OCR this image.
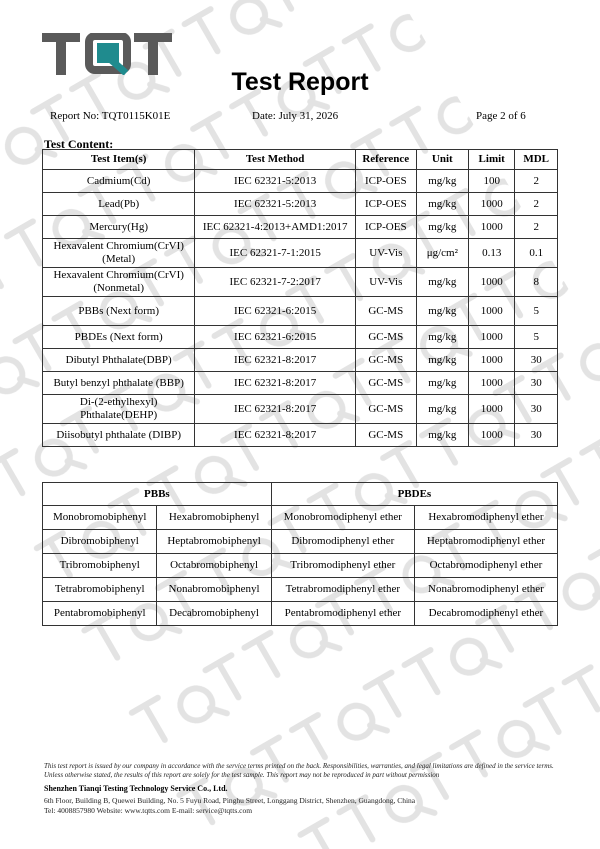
Test Report
Report No: TQT0115K01E	Date: July 31, 2026	Page 2 of 6
Test Content:
Test Item(s)	Test Method	Reference	Unit	Limit	MDL
Cadmium(Cd)	IEC 62321-5:2013	ICP-OES	mg/kg	100	2
Lead(Pb)	IEC 62321-5:2013	ICP-OES	mg/kg	1000	2
Mercury(Hg)	IEC 62321-4:2013+AMD1:2017	ICP-OES	mg/kg	1000	2
Hexavalent Chromium(CrVI) (Metal)	IEC 62321-7-1:2015	UV-Vis	μg/cm²	0.13	0.1
Hexavalent Chromium(CrVI) (Nonmetal)	IEC 62321-7-2:2017	UV-Vis	mg/kg	1000	8
PBBs (Next form)	IEC 62321-6:2015	GC-MS	mg/kg	1000	5
PBDEs (Next form)	IEC 62321-6:2015	GC-MS	mg/kg	1000	5
Dibutyl Phthalate(DBP)	IEC 62321-8:2017	GC-MS	mg/kg	1000	30
Butyl benzyl phthalate (BBP)	IEC 62321-8:2017	GC-MS	mg/kg	1000	30
Di-(2-ethylhexyl) Phthalate(DEHP)	IEC 62321-8:2017	GC-MS	mg/kg	1000	30
Diisobutyl phthalate (DIBP)	IEC 62321-8:2017	GC-MS	mg/kg	1000	30
PBBs		PBDEs	
Monobromobiphenyl	Hexabromobiphenyl	Monobromodiphenyl ether	Hexabromodiphenyl ether
Dibromobiphenyl	Heptabromobiphenyl	Dibromodiphenyl ether	Heptabromodiphenyl ether
Tribromobiphenyl	Octabromobiphenyl	Tribromodiphenyl ether	Octabromodiphenyl ether
Tetrabromobiphenyl	Nonabromobiphenyl	Tetrabromodiphenyl ether	Nonabromodiphenyl ether
Pentabromobiphenyl	Decabromobiphenyl	Pentabromodiphenyl ether	Decabromodiphenyl ether
This test report is issued by our company in accordance with the service terms printed on the back. Responsibilities, warranties, and legal limitations are defined in the service terms. Unless otherwise stated, the results of this report are solely for the test sample. This report may not be reproduced in part without permission
Shenzhen Tianqi Testing Technology Service Co., Ltd.
6th Floor, Building B, Quewei Building, No. 5 Fuyu Road, Pinghu Street, Longgang District, Shenzhen, Guangdong, China
Tel: 4008857980 Website: www.tqtts.com E-mail: service@tqtts.com
